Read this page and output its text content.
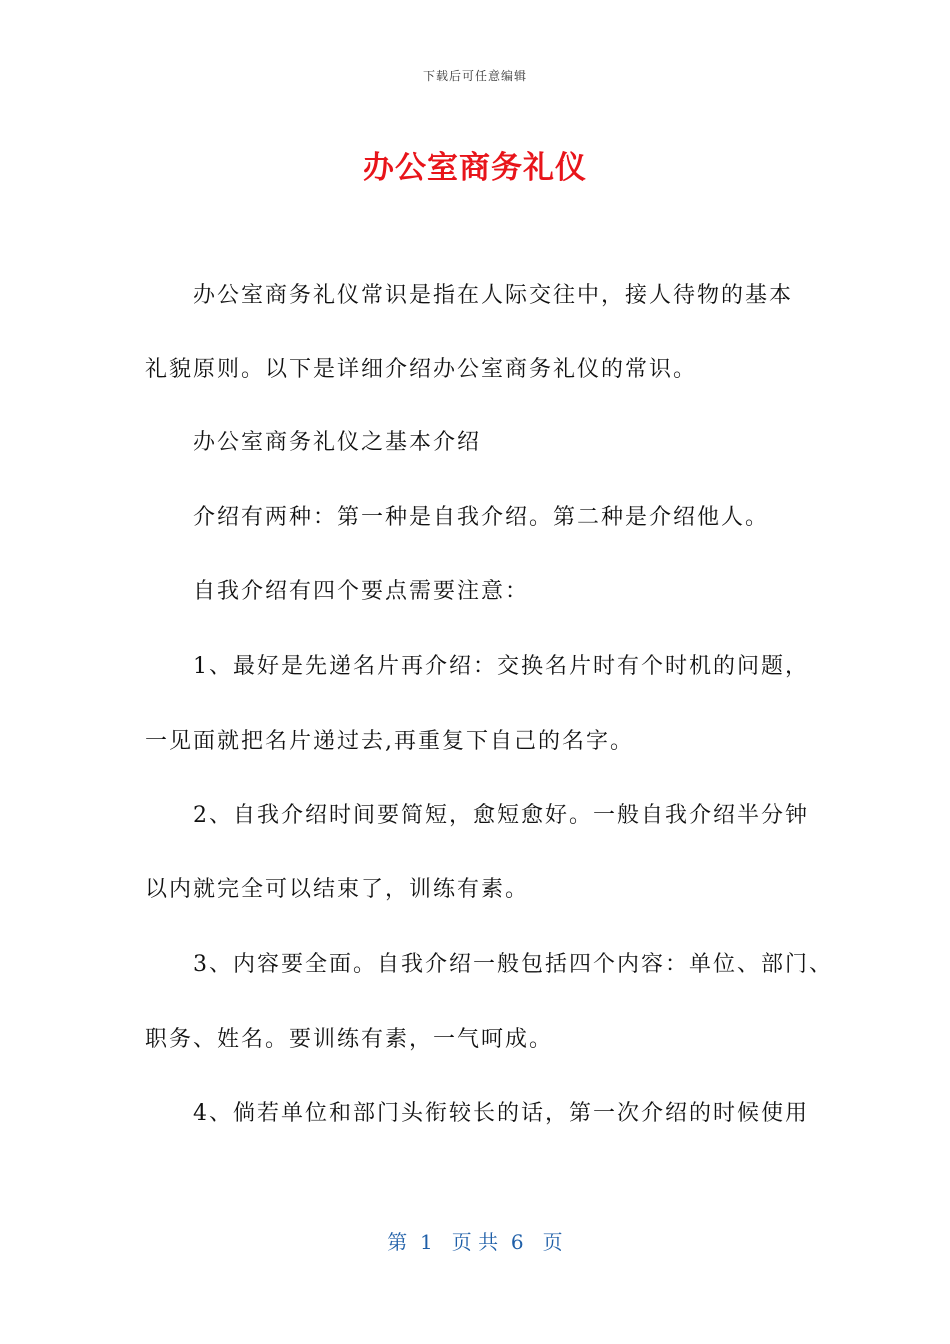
下载后可任意编辑
办公室商务礼仪
办公室商务礼仪常识是指在人际交往中，接人待物的基本
礼貌原则。以下是详细介绍办公室商务礼仪的常识。
办公室商务礼仪之基本介绍
介绍有两种：第一种是自我介绍。第二种是介绍他人。
自我介绍有四个要点需要注意：
1、最好是先递名片再介绍：交换名片时有个时机的问题，
一见面就把名片递过去,再重复下自己的名字。
2、自我介绍时间要简短，愈短愈好。一般自我介绍半分钟
以内就完全可以结束了，训练有素。
3、内容要全面。自我介绍一般包括四个内容：单位、部门、
职务、姓名。要训练有素，一气呵成。
4、倘若单位和部门头衔较长的话，第一次介绍的时候使用
第  1   页 共  6   页
